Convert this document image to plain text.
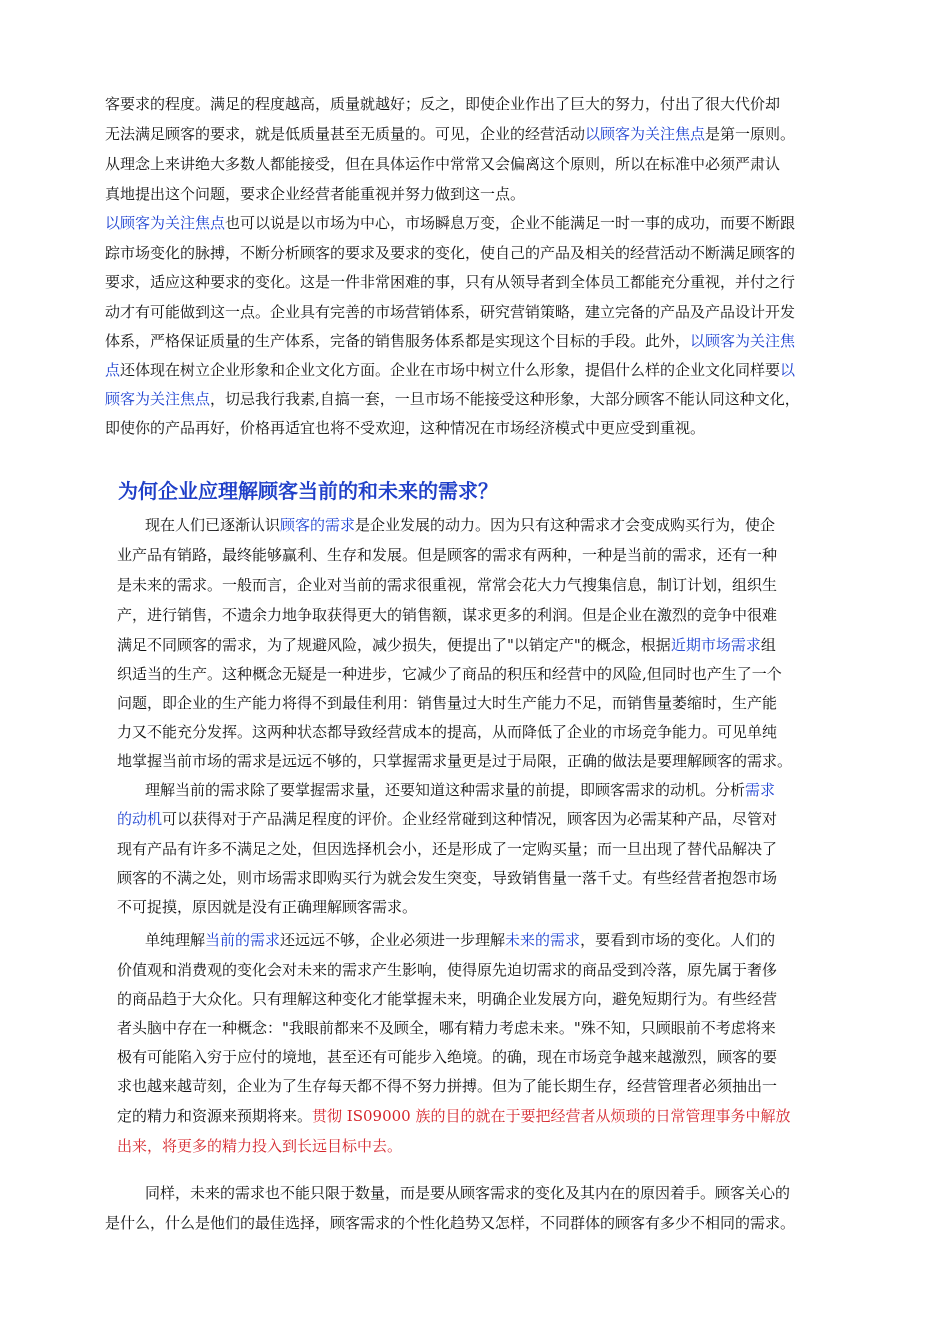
客要求的程度。满足的程度越高，质量就越好；反之，即使企业作出了巨大的努力，付出了很大代价却
无法满足顾客的要求，就是低质量甚至无质量的。可见，企业的经营活动以顾客为关注焦点是第一原则。
从理念上来讲绝大多数人都能接受，但在具体运作中常常又会偏离这个原则，所以在标准中必须严肃认
真地提出这个问题，要求企业经营者能重视并努力做到这一点。
以顾客为关注焦点也可以说是以市场为中心，市场瞬息万变，企业不能满足一时一事的成功，而要不断跟
踪市场变化的脉搏，不断分析顾客的要求及要求的变化，使自己的产品及相关的经营活动不断满足顾客的
要求，适应这种要求的变化。这是一件非常困难的事，只有从领导者到全体员工都能充分重视，并付之行
动才有可能做到这一点。企业具有完善的市场营销体系，研究营销策略，建立完备的产品及产品设计开发
体系，严格保证质量的生产体系，完备的销售服务体系都是实现这个目标的手段。此外，以顾客为关注焦
点还体现在树立企业形象和企业文化方面。企业在市场中树立什么形象，提倡什么样的企业文化同样要以
顾客为关注焦点，切忌我行我素,自搞一套，一旦市场不能接受这种形象，大部分顾客不能认同这种文化，
即使你的产品再好，价格再适宜也将不受欢迎，这种情况在市场经济模式中更应受到重视。
为何企业应理解顾客当前的和未来的需求？
现在人们已逐渐认识顾客的需求是企业发展的动力。因为只有这种需求才会变成购买行为，使企
业产品有销路，最终能够赢利、生存和发展。但是顾客的需求有两种，一种是当前的需求，还有一种
是未来的需求。一般而言，企业对当前的需求很重视，常常会花大力气搜集信息，制订计划，组织生
产，进行销售，不遗余力地争取获得更大的销售额，谋求更多的利润。但是企业在激烈的竞争中很难
满足不同顾客的需求，为了规避风险，减少损失，便提出了"以销定产"的概念，根据近期市场需求组
织适当的生产。这种概念无疑是一种进步，它减少了商品的积压和经营中的风险,但同时也产生了一个
问题，即企业的生产能力将得不到最佳利用：销售量过大时生产能力不足，而销售量萎缩时，生产能
力又不能充分发挥。这两种状态都导致经营成本的提高，从而降低了企业的市场竞争能力。可见单纯
地掌握当前市场的需求是远远不够的，只掌握需求量更是过于局限，正确的做法是要理解顾客的需求。
理解当前的需求除了要掌握需求量，还要知道这种需求量的前提，即顾客需求的动机。分析需求
的动机可以获得对于产品满足程度的评价。企业经常碰到这种情况，顾客因为必需某种产品，尽管对
现有产品有许多不满足之处，但因选择机会小，还是形成了一定购买量；而一旦出现了替代品解决了
顾客的不满之处，则市场需求即购买行为就会发生突变，导致销售量一落千丈。有些经营者抱怨市场
不可捉摸，原因就是没有正确理解顾客需求。
单纯理解当前的需求还远远不够，企业必须进一步理解未来的需求，要看到市场的变化。人们的
价值观和消费观的变化会对未来的需求产生影响，使得原先迫切需求的商品受到冷落，原先属于奢侈
的商品趋于大众化。只有理解这种变化才能掌握未来，明确企业发展方向，避免短期行为。有些经营
者头脑中存在一种概念："我眼前都来不及顾全，哪有精力考虑未来。"殊不知，只顾眼前不考虑将来
极有可能陷入穷于应付的境地，甚至还有可能步入绝境。的确，现在市场竞争越来越激烈，顾客的要
求也越来越苛刻，企业为了生存每天都不得不努力拼搏。但为了能长期生存，经营管理者必须抽出一
定的精力和资源来预期将来。贯彻 IS09000 族的目的就在于要把经营者从烦琐的日常管理事务中解放
出来，将更多的精力投入到长远目标中去。
同样，未来的需求也不能只限于数量，而是要从顾客需求的变化及其内在的原因着手。顾客关心的
是什么，什么是他们的最佳选择，顾客需求的个性化趋势又怎样，不同群体的顾客有多少不相同的需求。
